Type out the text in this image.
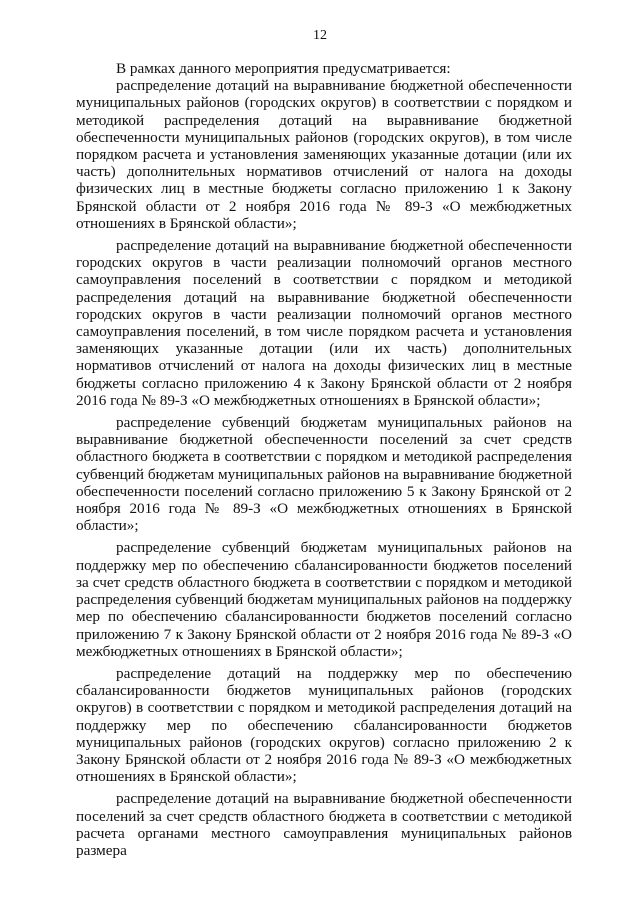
12

В рамках данного мероприятия предусматривается:

распределение дотаций на выравнивание бюджетной обеспеченности муниципальных районов (городских округов) в соответствии с порядком и методикой распределения дотаций на выравнивание бюджетной обеспеченности муниципальных районов (городских округов), в том числе порядком расчета и установления заменяющих указанные дотации (или их часть) дополнительных нормативов отчислений от налога на доходы физических лиц в местные бюджеты согласно приложению 1 к Закону Брянской области от 2 ноября 2016 года № 89-З «О межбюджетных отношениях в Брянской области»;

распределение дотаций на выравнивание бюджетной обеспеченности городских округов в части реализации полномочий органов местного самоуправления поселений в соответствии с порядком и методикой распределения дотаций на выравнивание бюджетной обеспеченности городских округов в части реализации полномочий органов местного самоуправления поселений, в том числе порядком расчета и установления заменяющих указанные дотации (или их часть) дополнительных нормативов отчислений от налога на доходы физических лиц в местные бюджеты согласно приложению 4 к Закону Брянской области от 2 ноября 2016 года № 89-З «О межбюджетных отношениях в Брянской области»;

распределение субвенций бюджетам муниципальных районов на выравнивание бюджетной обеспеченности поселений за счет средств областного бюджета в соответствии с порядком и методикой распределения субвенций бюджетам муниципальных районов на выравнивание бюджетной обеспеченности поселений согласно приложению 5 к Закону Брянской от 2 ноября 2016 года № 89-З «О межбюджетных отношениях в Брянской области»;

распределение субвенций бюджетам муниципальных районов на поддержку мер по обеспечению сбалансированности бюджетов поселений за счет средств областного бюджета в соответствии с порядком и методикой распределения субвенций бюджетам муниципальных районов на поддержку мер по обеспечению сбалансированности бюджетов поселений согласно приложению 7 к Закону Брянской области от 2 ноября 2016 года № 89-З «О межбюджетных отношениях в Брянской области»;

распределение дотаций на поддержку мер по обеспечению сбалансированности бюджетов муниципальных районов (городских округов) в соответствии с порядком и методикой распределения дотаций на поддержку мер по обеспечению сбалансированности бюджетов муниципальных районов (городских округов) согласно приложению 2 к Закону Брянской области от 2 ноября 2016 года № 89-З «О межбюджетных отношениях в Брянской области»;

распределение дотаций на выравнивание бюджетной обеспеченности поселений за счет средств областного бюджета в соответствии с методикой расчета органами местного самоуправления муниципальных районов размера
